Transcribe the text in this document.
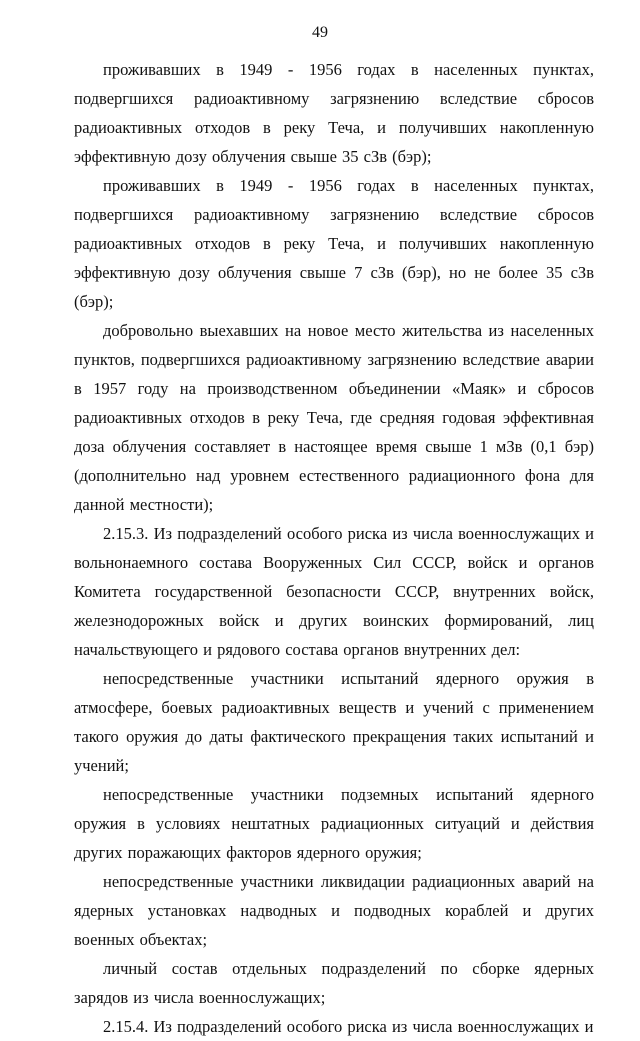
49

проживавших в 1949 - 1956 годах в населенных пунктах, подвергшихся радиоактивному загрязнению вследствие сбросов радиоактивных отходов в реку Теча, и получивших накопленную эффективную дозу облучения свыше 35 сЗв (бэр);

проживавших в 1949 - 1956 годах в населенных пунктах, подвергшихся радиоактивному загрязнению вследствие сбросов радиоактивных отходов в реку Теча, и получивших накопленную эффективную дозу облучения свыше 7 сЗв (бэр), но не более 35 сЗв (бэр);

добровольно выехавших на новое место жительства из населенных пунктов, подвергшихся радиоактивному загрязнению вследствие аварии в 1957 году на производственном объединении «Маяк» и сбросов радиоактивных отходов в реку Теча, где средняя годовая эффективная доза облучения составляет в настоящее время свыше 1 мЗв (0,1 бэр) (дополнительно над уровнем естественного радиационного фона для данной местности);

2.15.3. Из подразделений особого риска из числа военнослужащих и вольнонаемного состава Вооруженных Сил СССР, войск и органов Комитета государственной безопасности СССР, внутренних войск, железнодорожных войск и других воинских формирований, лиц начальствующего и рядового состава органов внутренних дел:

непосредственные участники испытаний ядерного оружия в атмосфере, боевых радиоактивных веществ и учений с применением такого оружия до даты фактического прекращения таких испытаний и учений;

непосредственные участники подземных испытаний ядерного оружия в условиях нештатных радиационных ситуаций и действия других поражающих факторов ядерного оружия;

непосредственные участники ликвидации радиационных аварий на ядерных установках надводных и подводных кораблей и других военных объектах;

личный состав отдельных подразделений по сборке ядерных зарядов из числа военнослужащих;

2.15.4. Из подразделений особого риска из числа военнослужащих и
